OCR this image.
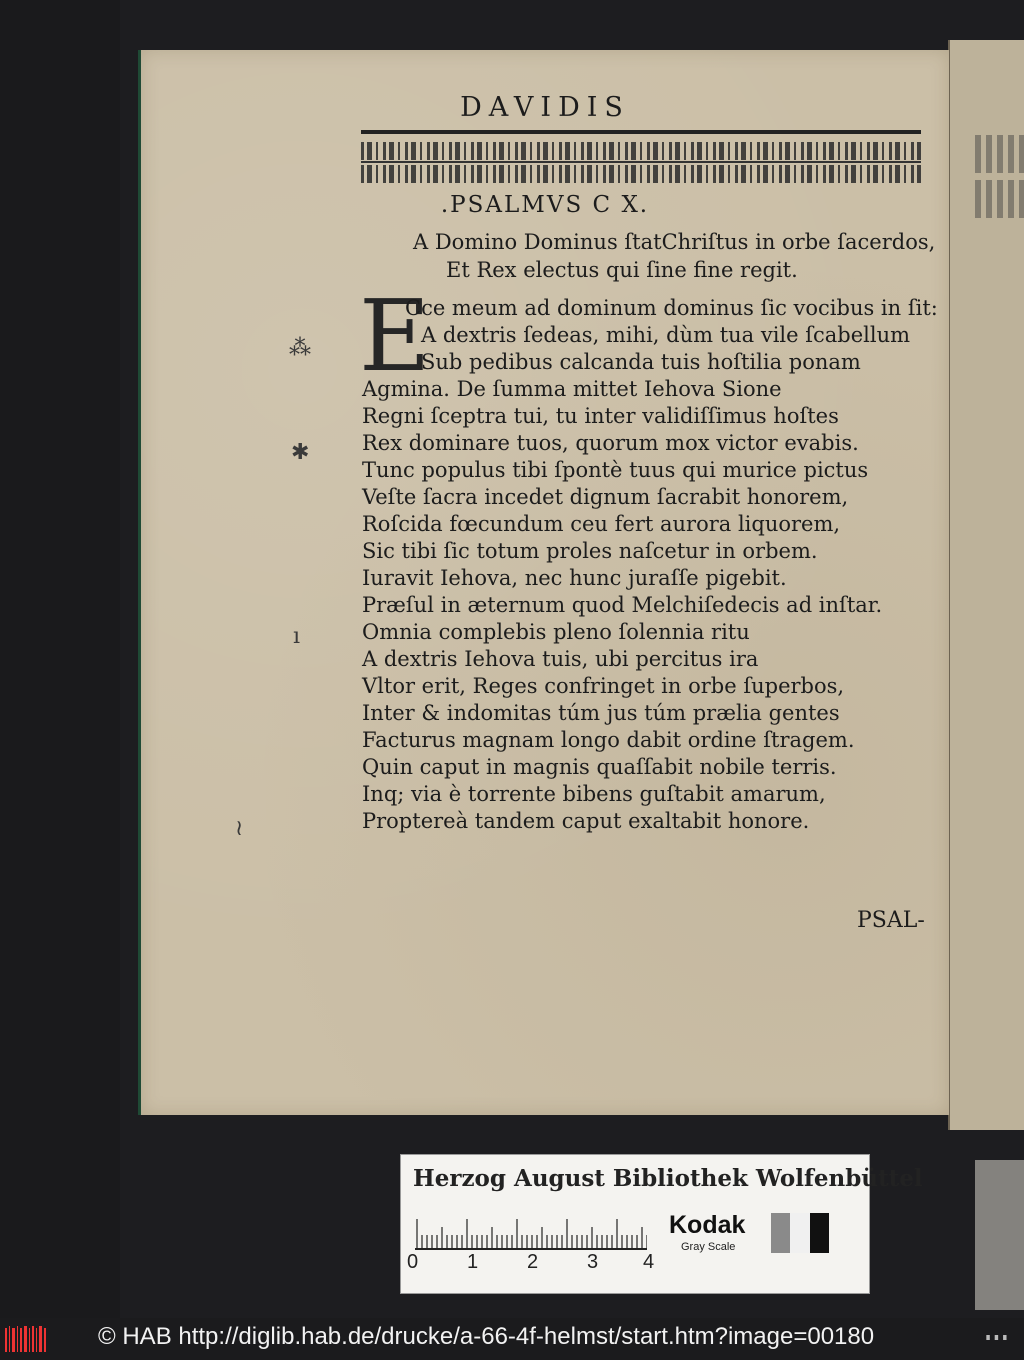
DAVIDIS
.PSALMVS C X.
A Domino Dominus ſtatChriſtus in orbe ſacerdos,
Et Rex electus qui ſine fine regit.
E
Cce meum ad dominum dominus ſic vocibus in ſit:
A dextris ſedeas, mihi, dùm tua vile ſcabellum
Sub pedibus calcanda tuis hoſtilia ponam
Agmina. De ſumma mittet Iehova Sione
Regni ſceptra tui, tu inter validiſſimus hoſtes
Rex dominare tuos, quorum mox victor evabis.
Tunc populus tibi ſpontè tuus qui murice pictus
Veſte ſacra incedet dignum ſacrabit honorem,
Roſcida fœcundum ceu fert aurora liquorem,
Sic tibi ſic totum proles naſcetur in orbem.
Iuravit Iehova, nec hunc juraſſe pigebit.
Præſul in æternum quod Melchiſedecis ad inſtar.
Omnia complebis pleno ſolennia ritu
A dextris Iehova tuis, ubi percitus ira
Vltor erit, Reges confringet in orbe ſuperbos,
Inter & indomitas túm jus túm prælia gentes
Facturus magnam longo dabit ordine ſtragem.
Quin caput in magnis quaſſabit nobile terris.
Inq; via è torrente bibens guſtabit amarum,
Proptereà tandem caput exaltabit honore.
PSAL-
⁂
✱
ı
≀
Herzog August Bibliothek Wolfenbüttel
0 1 2 3 4
Kodak
Gray Scale
© HAB http://diglib.hab.de/drucke/a-66-4f-helmst/start.htm?image=00180	∎∎∎
